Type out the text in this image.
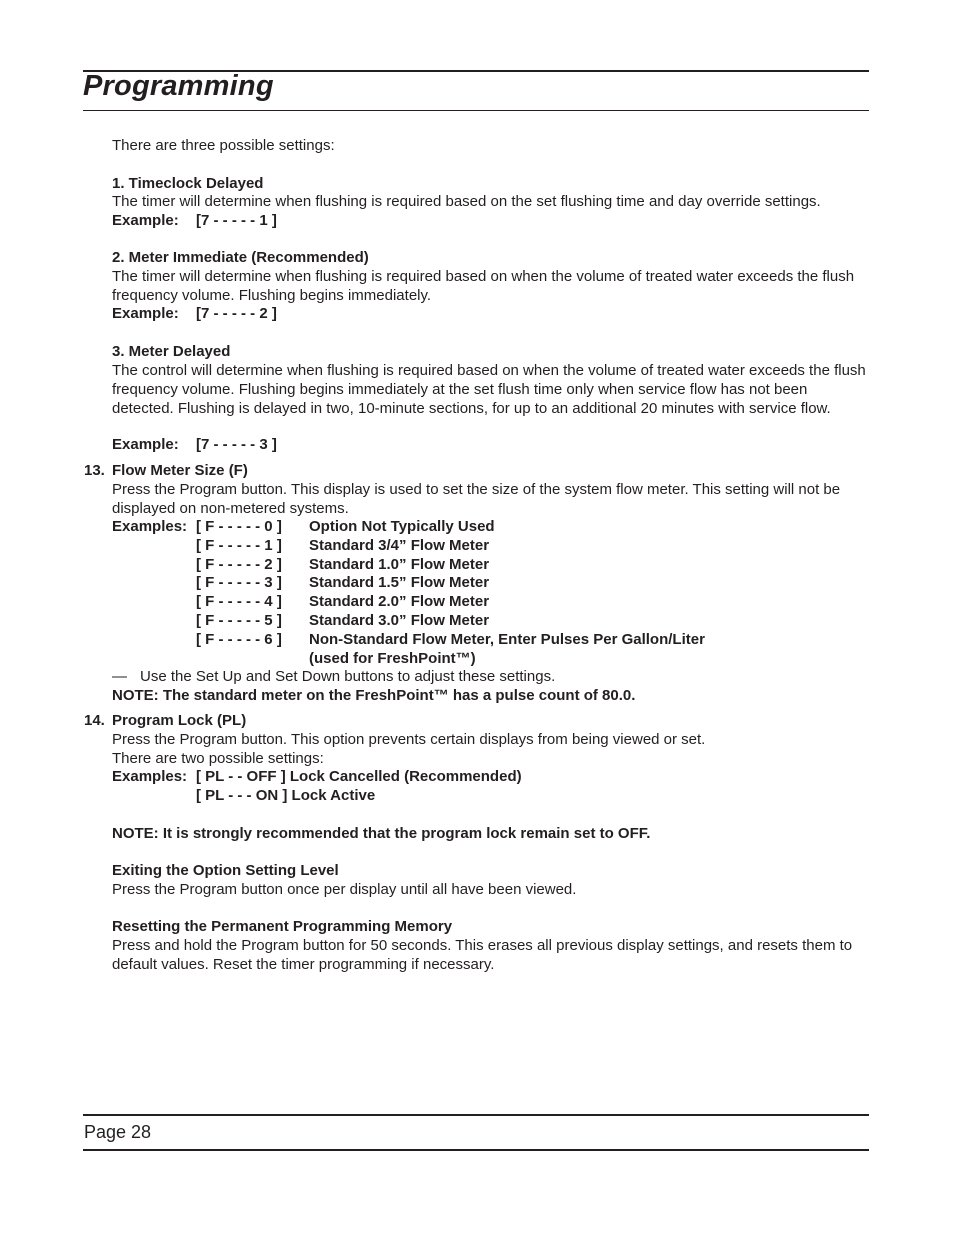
Programming
There are three possible settings:
1. Timeclock Delayed
The timer will determine when flushing is required based on the set flushing time and day override settings.
Example: [7 - - - - - 1 ]
2. Meter Immediate (Recommended)
The timer will determine when flushing is required based on when the volume of treated water exceeds the flush frequency volume. Flushing begins immediately.
Example: [7 - - - - - 2 ]
3. Meter Delayed
The control will determine when flushing is required based on when the volume of treated water exceeds the flush frequency volume. Flushing begins immediately at the set flush time only when service flow has not been detected. Flushing is delayed in two, 10-minute sections, for up to an additional 20 minutes with service flow.
Example: [7 - - - - - 3 ]
13. Flow Meter Size (F)
Press the Program button. This display is used to set the size of the system flow meter. This setting will not be displayed on non-metered systems.
Examples: [ F - - - - - 0 ] Option Not Typically Used
[ F - - - - - 1 ] Standard 3/4” Flow Meter
[ F - - - - - 2 ] Standard 1.0” Flow Meter
[ F - - - - - 3 ] Standard 1.5” Flow Meter
[ F - - - - - 4 ] Standard 2.0” Flow Meter
[ F - - - - - 5 ] Standard 3.0” Flow Meter
[ F - - - - - 6 ] Non-Standard Flow Meter, Enter Pulses Per Gallon/Liter
(used for FreshPoint™)
— Use the Set Up and Set Down buttons to adjust these settings.
NOTE: The standard meter on the FreshPoint™ has a pulse count of 80.0.
14. Program Lock (PL)
Press the Program button. This option prevents certain displays from being viewed or set.
There are two possible settings:
Examples: [ PL - - OFF ] Lock Cancelled (Recommended)
[ PL - - - ON ] Lock Active
NOTE: It is strongly recommended that the program lock remain set to OFF.
Exiting the Option Setting Level
Press the Program button once per display until all have been viewed.
Resetting the Permanent Programming Memory
Press and hold the Program button for 50 seconds. This erases all previous display settings, and resets them to default values. Reset the timer programming if necessary.
Page 28
